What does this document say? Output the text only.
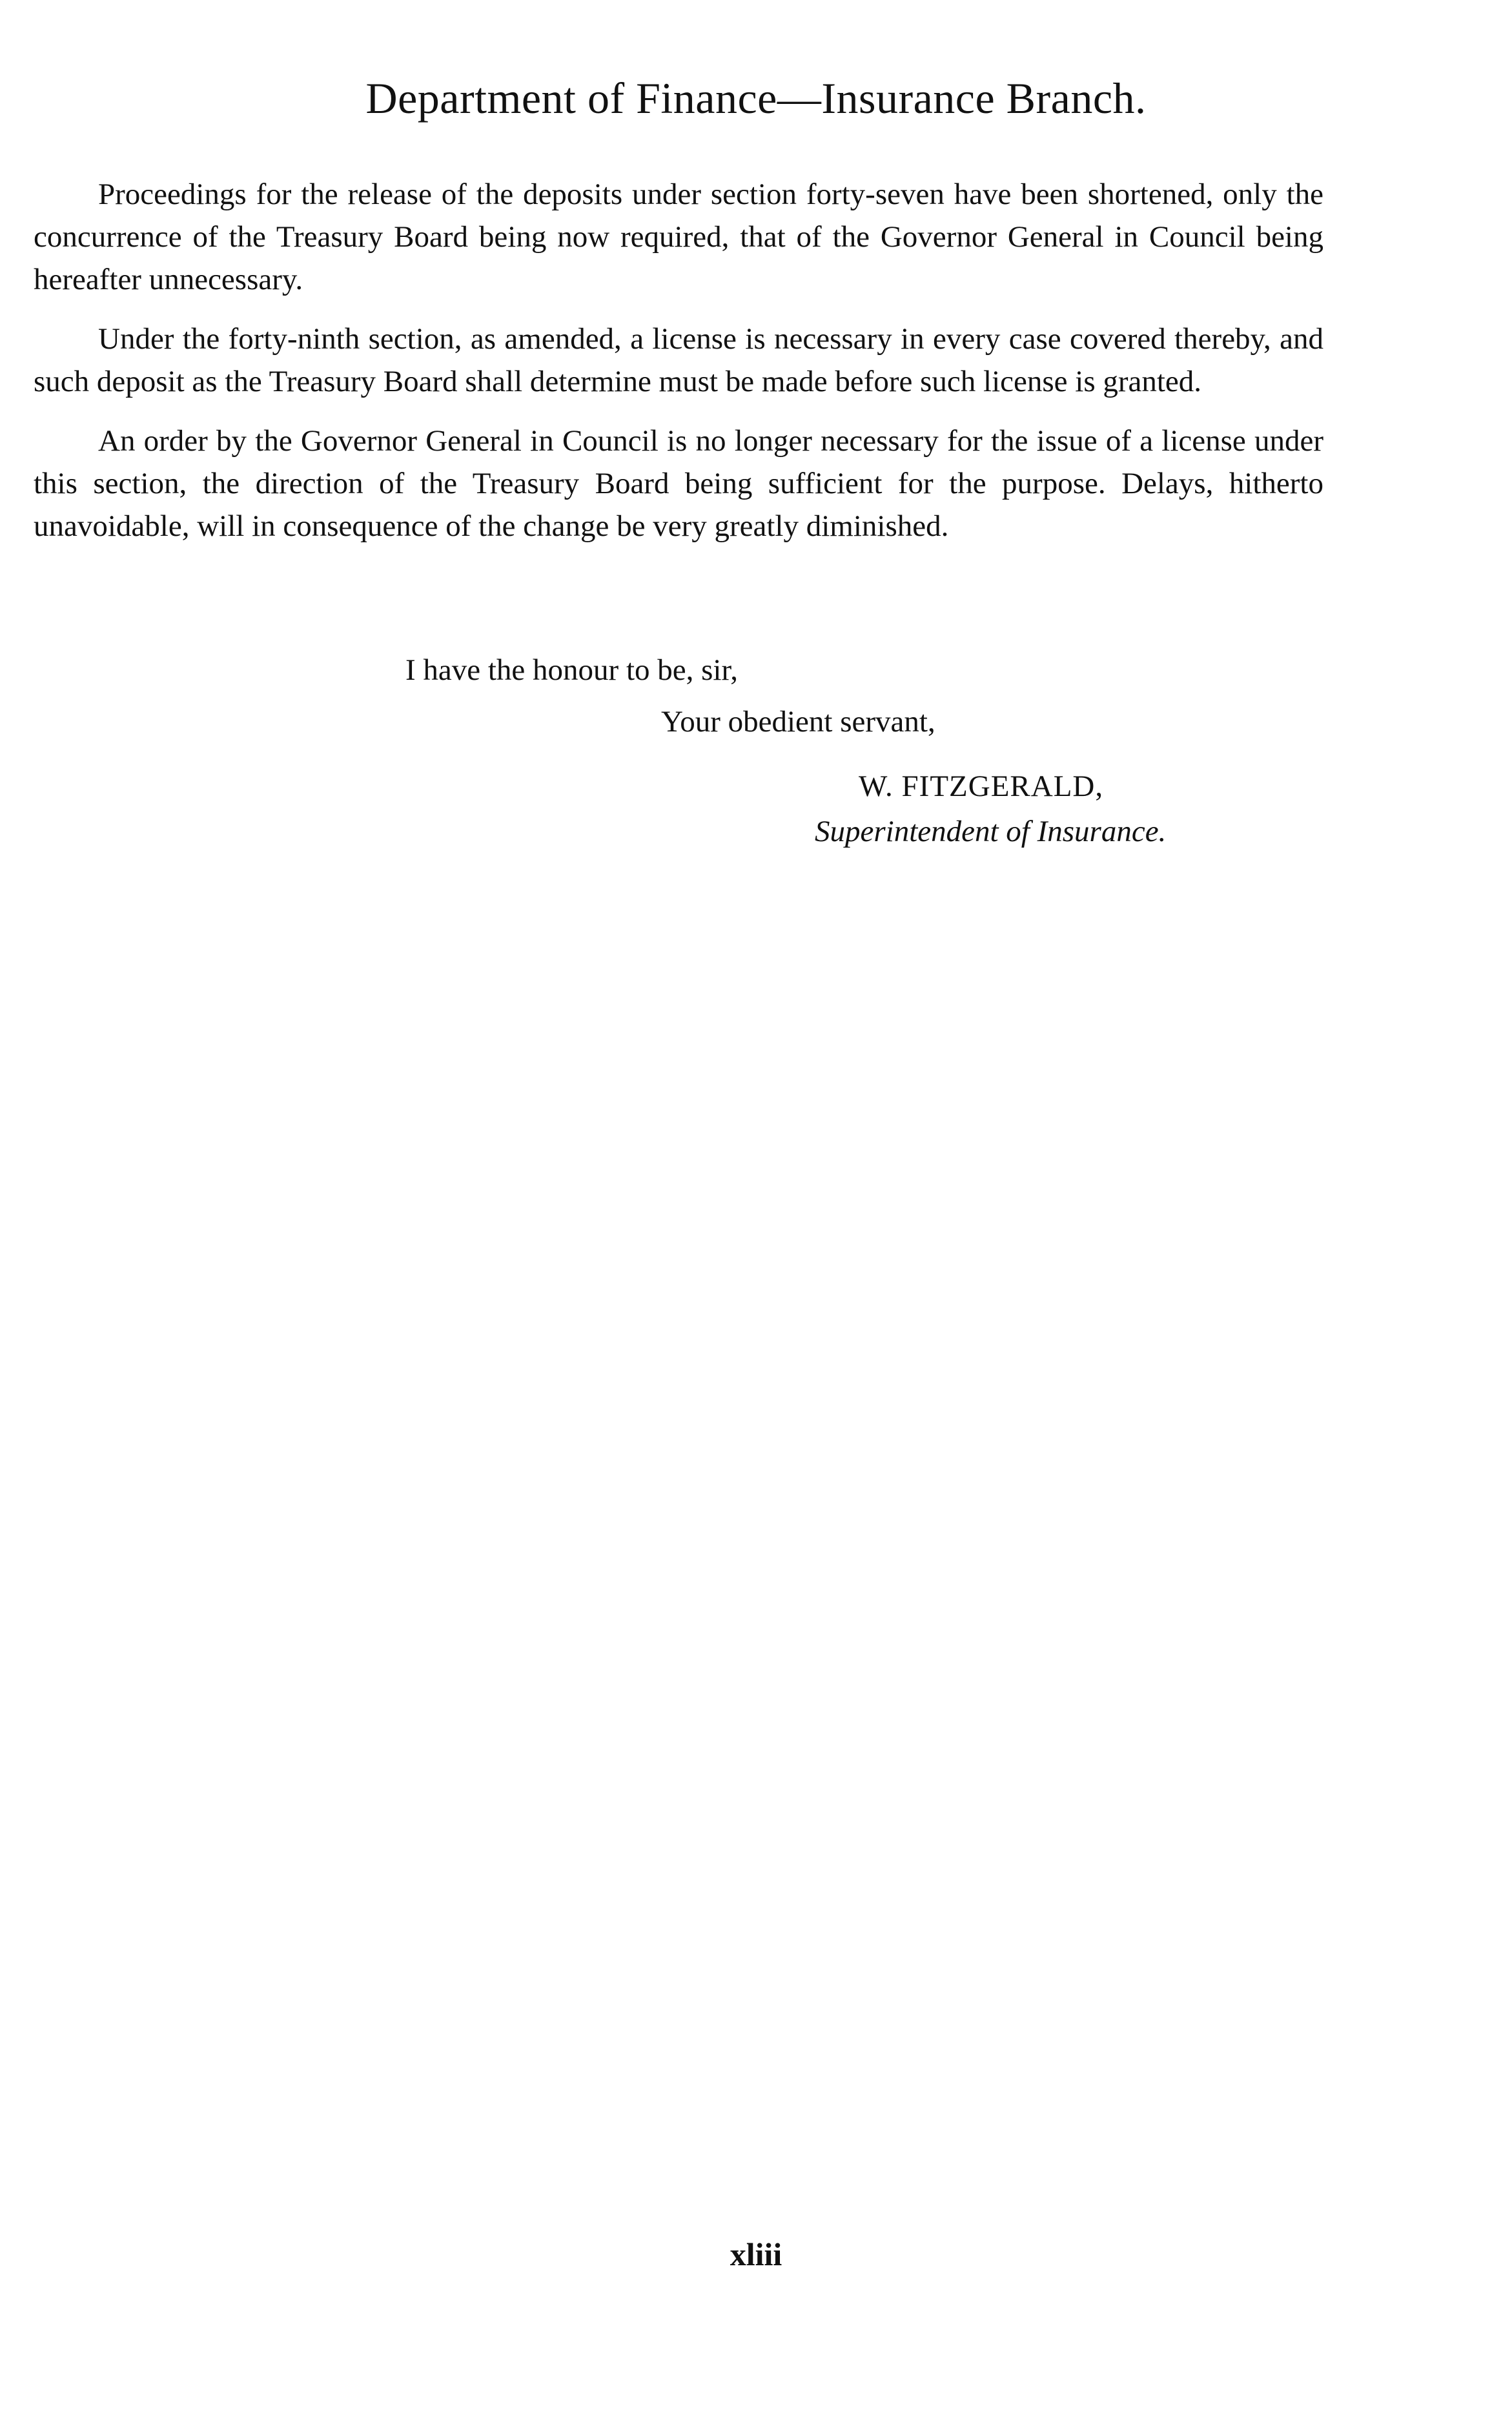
Department of Finance—Insurance Branch.

Proceedings for the release of the deposits under section forty-seven have been shortened, only the concurrence of the Treasury Board being now required, that of the Governor General in Council being hereafter unnecessary.

Under the forty-ninth section, as amended, a license is necessary in every case covered thereby, and such deposit as the Treasury Board shall determine must be made before such license is granted.

An order by the Governor General in Council is no longer necessary for the issue of a license under this section, the direction of the Treasury Board being sufficient for the purpose. Delays, hitherto unavoidable, will in consequence of the change be very greatly diminished.

I have the honour to be, sir,
Your obedient servant,
W. FITZGERALD,
Superintendent of Insurance.
xliii
